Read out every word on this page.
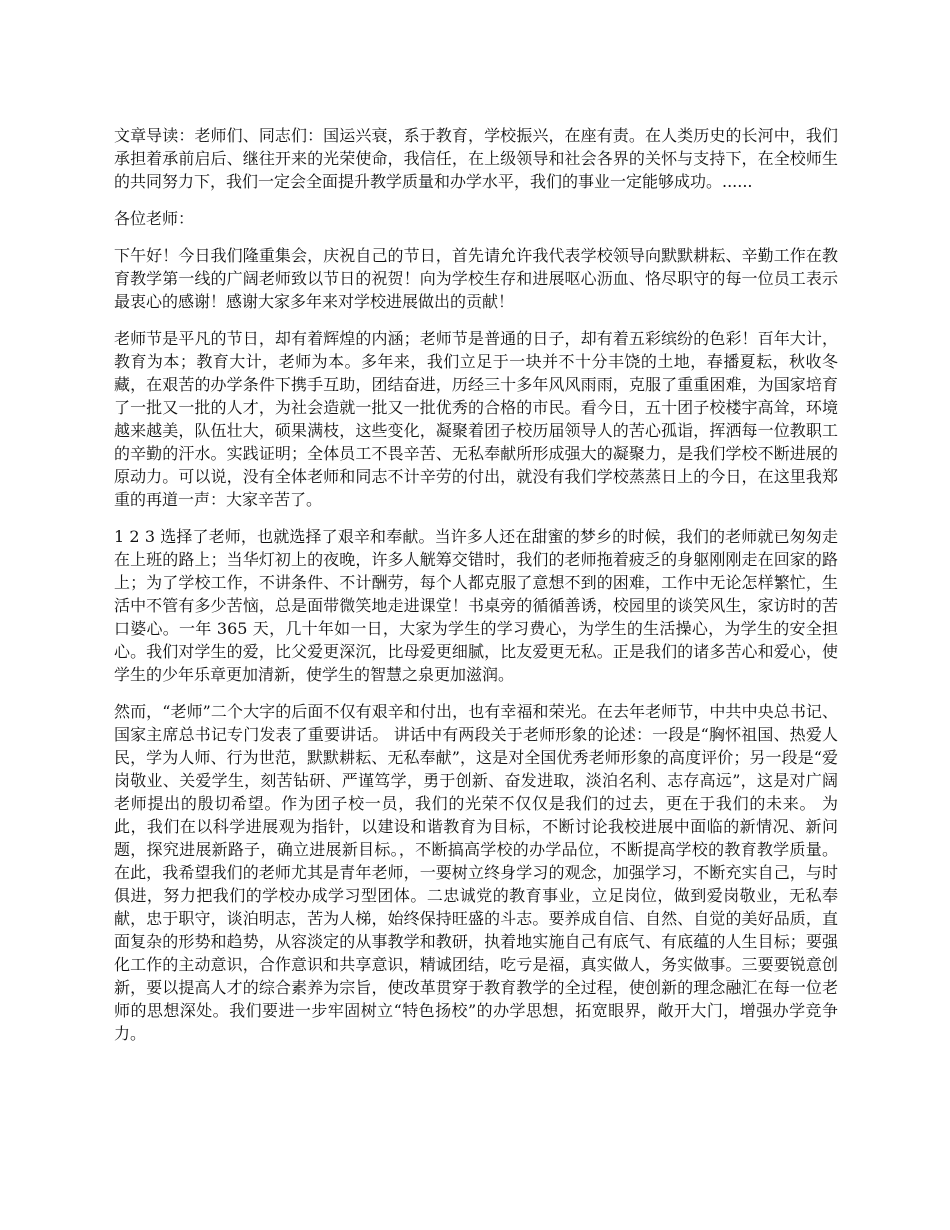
文章导读：老师们、同志们：国运兴衰，系于教育，学校振兴，在座有责。在人类历史的长河中，我们承担着承前启后、继往开来的光荣使命，我信任，在上级领导和社会各界的关怀与支持下，在全校师生的共同努力下，我们一定会全面提升教学质量和办学水平，我们的事业一定能够成功。......

各位老师：

下午好！今日我们隆重集会，庆祝自己的节日，首先请允许我代表学校领导向默默耕耘、辛勤工作在教育教学第一线的广阔老师致以节日的祝贺！向为学校生存和进展呕心沥血、恪尽职守的每一位员工表示最衷心的感谢！感谢大家多年来对学校进展做出的贡献！

老师节是平凡的节日，却有着辉煌的内涵；老师节是普通的日子，却有着五彩缤纷的色彩！百年大计，教育为本；教育大计，老师为本。多年来，我们立足于一块并不十分丰饶的土地，春播夏耘，秋收冬藏，在艰苦的办学条件下携手互助，团结奋进，历经三十多年风风雨雨，克服了重重困难，为国家培育了一批又一批的人才，为社会造就一批又一批优秀的合格的市民。看今日，五十团子校楼宇高耸，环境越来越美，队伍壮大，硕果满枝，这些变化，凝聚着团子校历届领导人的苦心孤诣，挥洒每一位教职工的辛勤的汗水。实践证明；全体员工不畏辛苦、无私奉献所形成强大的凝聚力，是我们学校不断进展的原动力。可以说，没有全体老师和同志不计辛劳的付出，就没有我们学校蒸蒸日上的今日，在这里我郑重的再道一声：大家辛苦了。

1 2 3 选择了老师，也就选择了艰辛和奉献。当许多人还在甜蜜的梦乡的时候，我们的老师就已匆匆走在上班的路上；当华灯初上的夜晚，许多人觥筹交错时，我们的老师拖着疲乏的身躯刚刚走在回家的路上；为了学校工作，不讲条件、不计酬劳，每个人都克服了意想不到的困难，工作中无论怎样繁忙，生活中不管有多少苦恼，总是面带微笑地走进课堂！书桌旁的循循善诱，校园里的谈笑风生，家访时的苦口婆心。一年 365 天，几十年如一日，大家为学生的学习费心，为学生的生活操心，为学生的安全担心。我们对学生的爱，比父爱更深沉，比母爱更细腻，比友爱更无私。正是我们的诸多苦心和爱心，使学生的少年乐章更加清新，使学生的智慧之泉更加滋润。

然而，“老师”二个大字的后面不仅有艰辛和付出，也有幸福和荣光。在去年老师节，中共中央总书记、国家主席总书记专门发表了重要讲话。 讲话中有两段关于老师形象的论述：一段是“胸怀祖国、热爱人民，学为人师、行为世范，默默耕耘、无私奉献”，这是对全国优秀老师形象的高度评价；另一段是“爱岗敬业、关爱学生，刻苦钻研、严谨笃学，勇于创新、奋发进取，淡泊名利、志存高远”，这是对广阔老师提出的殷切希望。作为团子校一员，我们的光荣不仅仅是我们的过去，更在于我们的未来。 为此，我们在以科学进展观为指针，以建设和谐教育为目标，不断讨论我校进展中面临的新情况、新问题，探究进展新路子，确立进展新目标。，不断搞高学校的办学品位，不断提高学校的教育教学质量。在此，我希望我们的老师尤其是青年老师，一要树立终身学习的观念，加强学习，不断充实自己，与时俱进，努力把我们的学校办成学习型团体。二忠诚党的教育事业，立足岗位，做到爱岗敬业，无私奉献，忠于职守，谈泊明志，苦为人梯，始终保持旺盛的斗志。要养成自信、自然、自觉的美好品质，直面复杂的形势和趋势，从容淡定的从事教学和教研，执着地实施自己有底气、有底蕴的人生目标；要强化工作的主动意识，合作意识和共享意识，精诚团结，吃亏是福，真实做人，务实做事。三要要锐意创新，要以提高人才的综合素养为宗旨，使改革贯穿于教育教学的全过程，使创新的理念融汇在每一位老师的思想深处。我们要进一步牢固树立“特色扬校”的办学思想，拓宽眼界，敞开大门，增强办学竞争力。
